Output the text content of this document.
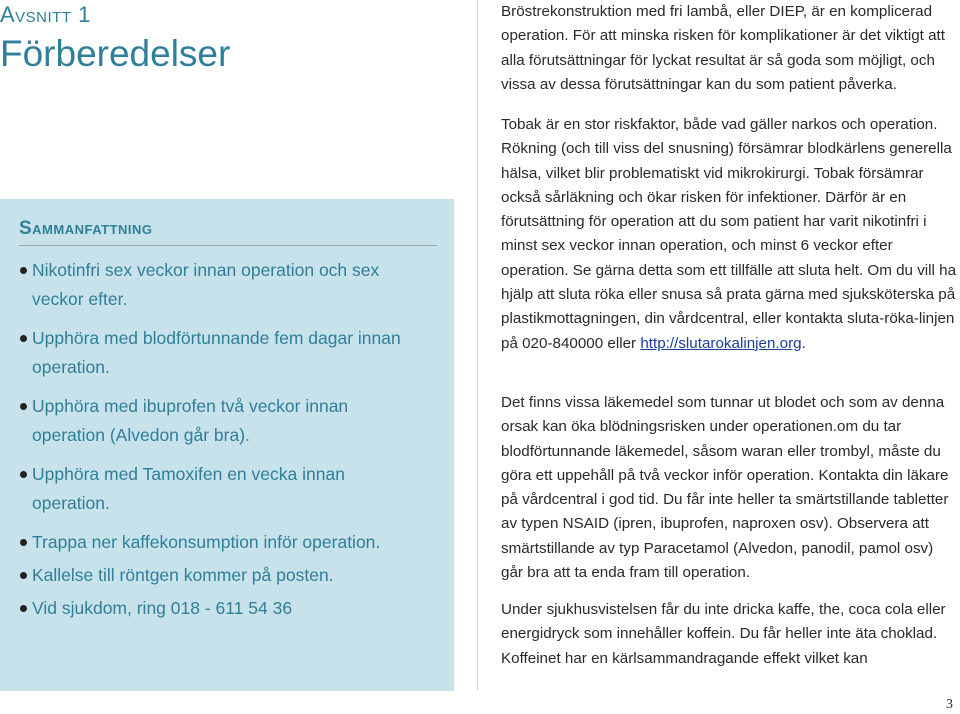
Avsnitt 1
Förberedelser
Sammanfattning
Nikotinfri sex veckor innan operation och sex veckor efter.
Upphöra med blodförtunnande fem dagar innan operation.
Upphöra med ibuprofen två veckor innan operation (Alvedon går bra).
Upphöra med Tamoxifen en vecka innan operation.
Trappa ner kaffekonsumption inför operation.
Kallelse till röntgen kommer på posten.
Vid sjukdom, ring 018 - 611 54 36

Bröstrekonstruktion med fri lambå, eller DIEP, är en komplicerad operation. För att minska risken för komplikationer är det viktigt att alla förutsättningar för lyckat resultat är så goda som möjligt, och vissa av dessa förutsättningar kan du som patient påverka.

Tobak är en stor riskfaktor, både vad gäller narkos och operation. Rökning (och till viss del snusning) försämrar blodkärlens generella hälsa, vilket blir problematiskt vid mikrokirurgi. Tobak försämrar också sårläkning och ökar risken för infektioner. Därför är en förutsättning för operation att du som patient har varit nikotinfri i minst sex veckor innan operation, och minst 6 veckor efter operation. Se gärna detta som ett tillfälle att sluta helt. Om du vill ha hjälp att sluta röka eller snusa så prata gärna med sjuksköterska på plastikmottagningen, din vårdcentral, eller kontakta sluta-röka-linjen på 020-840000 eller http://slutarokalinjen.org.

Det finns vissa läkemedel som tunnar ut blodet och som av denna orsak kan öka blödningsrisken under operationen.om du tar blodförtunnande läkemedel, såsom waran eller trombyl, måste du göra ett uppehåll på två veckor inför operation. Kontakta din läkare på vårdcentral i god tid. Du får inte heller ta smärtstillande tabletter av typen NSAID (ipren, ibuprofen, naproxen osv). Observera att smärtstillande av typ Paracetamol (Alvedon, panodil, pamol osv) går bra att ta enda fram till operation.

Under sjukhusvistelsen får du inte dricka kaffe, the, coca cola eller energidryck som innehåller koffein. Du får heller inte äta choklad. Koffeinet har en kärlsammandragande effekt vilket kan

3
